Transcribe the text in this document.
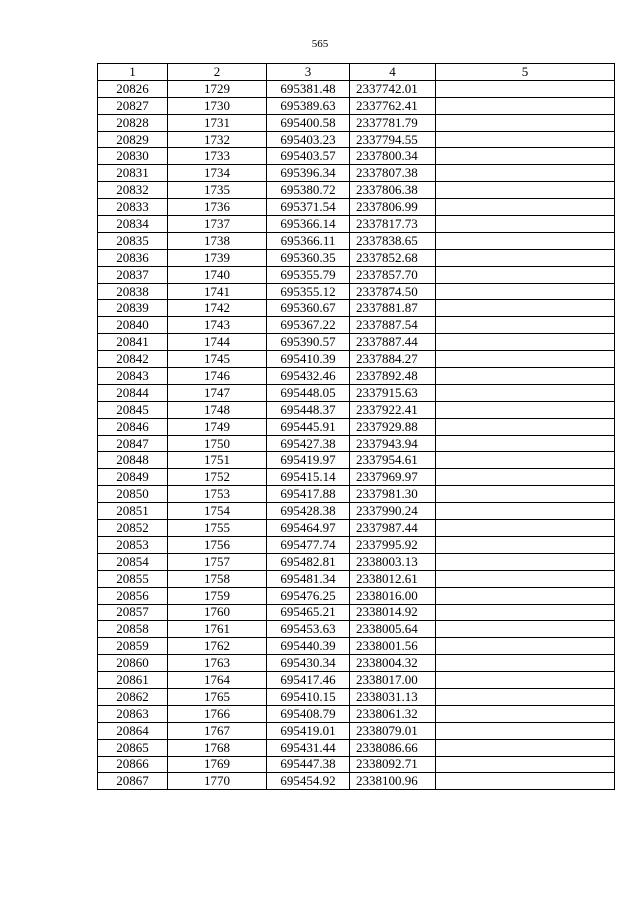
565
1	2	3	4	5
20826	1729	695381.48	2337742.01	
20827	1730	695389.63	2337762.41	
20828	1731	695400.58	2337781.79	
20829	1732	695403.23	2337794.55	
20830	1733	695403.57	2337800.34	
20831	1734	695396.34	2337807.38	
20832	1735	695380.72	2337806.38	
20833	1736	695371.54	2337806.99	
20834	1737	695366.14	2337817.73	
20835	1738	695366.11	2337838.65	
20836	1739	695360.35	2337852.68	
20837	1740	695355.79	2337857.70	
20838	1741	695355.12	2337874.50	
20839	1742	695360.67	2337881.87	
20840	1743	695367.22	2337887.54	
20841	1744	695390.57	2337887.44	
20842	1745	695410.39	2337884.27	
20843	1746	695432.46	2337892.48	
20844	1747	695448.05	2337915.63	
20845	1748	695448.37	2337922.41	
20846	1749	695445.91	2337929.88	
20847	1750	695427.38	2337943.94	
20848	1751	695419.97	2337954.61	
20849	1752	695415.14	2337969.97	
20850	1753	695417.88	2337981.30	
20851	1754	695428.38	2337990.24	
20852	1755	695464.97	2337987.44	
20853	1756	695477.74	2337995.92	
20854	1757	695482.81	2338003.13	
20855	1758	695481.34	2338012.61	
20856	1759	695476.25	2338016.00	
20857	1760	695465.21	2338014.92	
20858	1761	695453.63	2338005.64	
20859	1762	695440.39	2338001.56	
20860	1763	695430.34	2338004.32	
20861	1764	695417.46	2338017.00	
20862	1765	695410.15	2338031.13	
20863	1766	695408.79	2338061.32	
20864	1767	695419.01	2338079.01	
20865	1768	695431.44	2338086.66	
20866	1769	695447.38	2338092.71	
20867	1770	695454.92	2338100.96	
